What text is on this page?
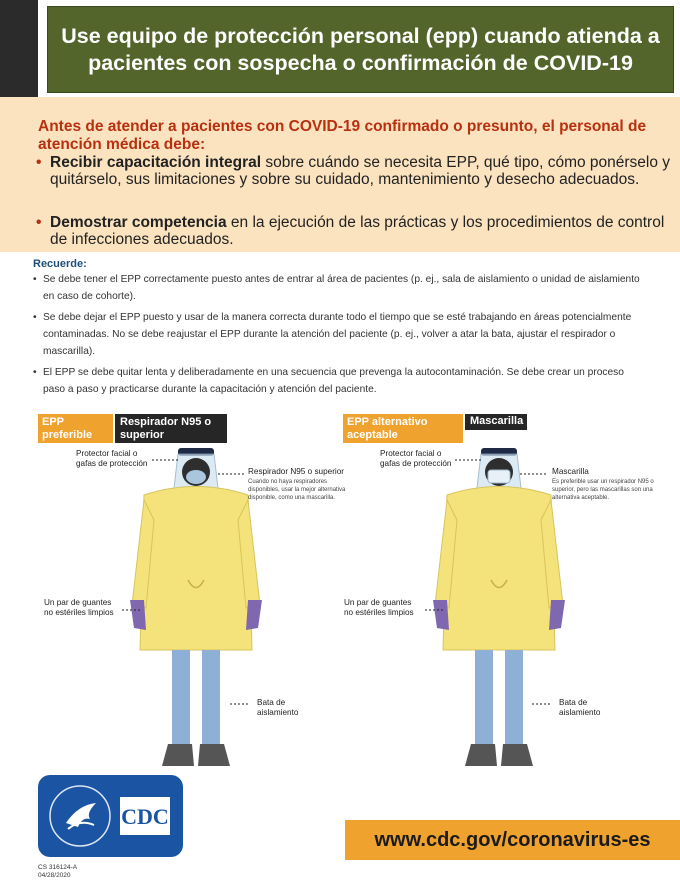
Use equipo de protección personal (epp) cuando atienda a pacientes con sospecha o confirmación de COVID-19
Antes de atender a pacientes con COVID-19 confirmado o presunto, el personal de atención médica debe:
• Recibir capacitación integral sobre cuándo se necesita EPP, qué tipo, cómo ponérselo y quitárselo, sus limitaciones y sobre su cuidado, mantenimiento y desecho adecuados.
• Demostrar competencia en la ejecución de las prácticas y los procedimientos de control de infecciones adecuados.
Recuerde:
• Se debe tener el EPP correctamente puesto antes de entrar al área de pacientes (p. ej., sala de aislamiento o unidad de aislamiento en caso de cohorte).
• Se debe dejar el EPP puesto y usar de la manera correcta durante todo el tiempo que se esté trabajando en áreas potencialmente contaminadas. No se debe reajustar el EPP durante la atención del paciente (p. ej., volver a atar la bata, ajustar el respirador o mascarilla).
• El EPP se debe quitar lenta y deliberadamente en una secuencia que prevenga la autocontaminación. Se debe crear un proceso paso a paso y practicarse durante la capacitación y atención del paciente.
EPP preferible
Respirador N95 o superior
EPP alternativo aceptable
Mascarilla
Protector facial o gafas de protección
Respirador N95 o superior
Cuando no haya respiradores disponibles, usar la mejor alternativa disponible, como una mascarilla.
Un par de guantes no estériles limpios
Bata de aislamiento
Protector facial o gafas de protección
Mascarilla
Es preferible usar un respirador N95 o superior, pero las mascarillas son una alternativa aceptable.
Un par de guantes no estériles limpios
Bata de aislamiento
CDC
www.cdc.gov/coronavirus-es
CS 316124-A
04/28/2020
